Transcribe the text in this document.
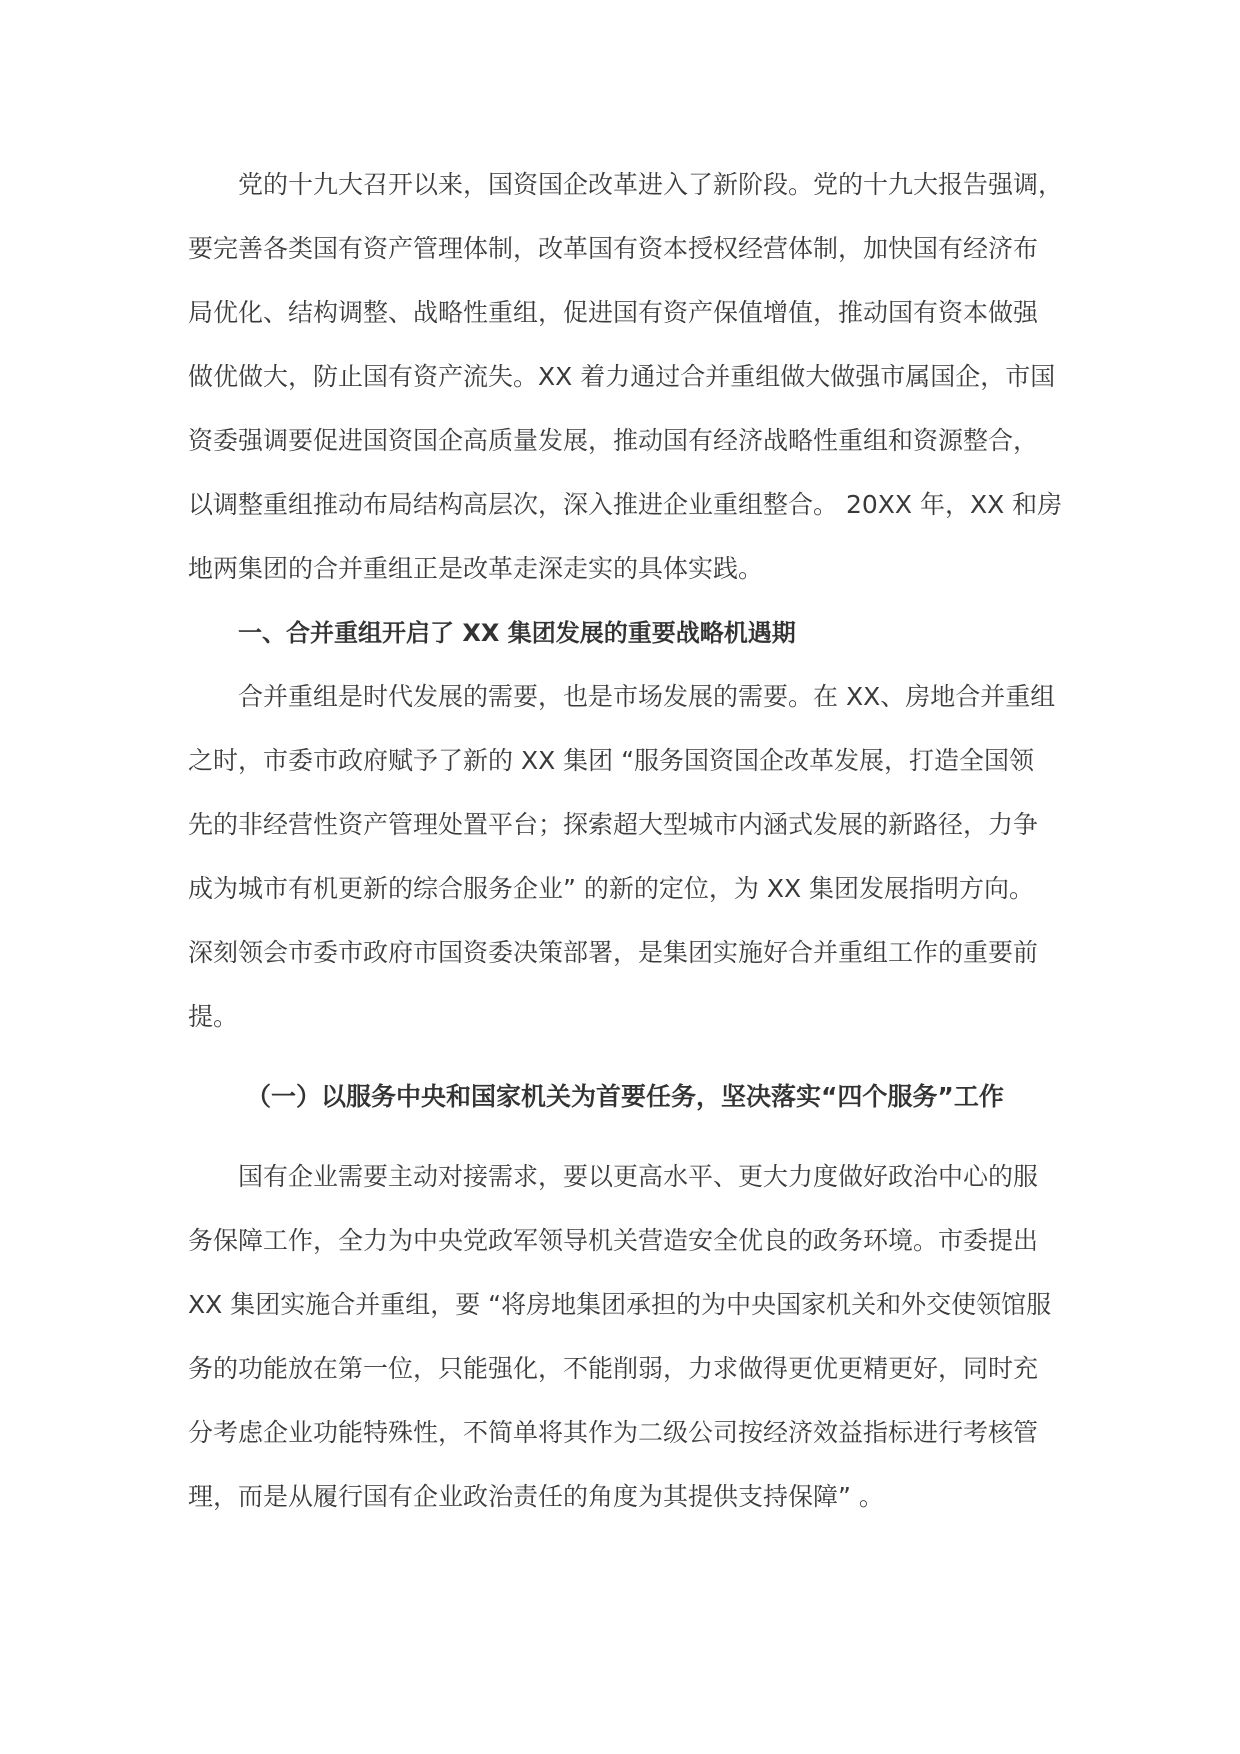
党的十九大召开以来，国资国企改革进入了新阶段。党的十九大报告强调，
要完善各类国有资产管理体制，改革国有资本授权经营体制，加快国有经济布
局优化、结构调整、战略性重组，促进国有资产保值增值，推动国有资本做强
做优做大，防止国有资产流失。XX 着力通过合并重组做大做强市属国企，市国
资委强调要促进国资国企高质量发展，推动国有经济战略性重组和资源整合，
以调整重组推动布局结构高层次，深入推进企业重组整合。 20XX 年，XX 和房
地两集团的合并重组正是改革走深走实的具体实践。
一、合并重组开启了 XX 集团发展的重要战略机遇期
合并重组是时代发展的需要，也是市场发展的需要。在 XX、房地合并重组
之时，市委市政府赋予了新的 XX 集团 “服务国资国企改革发展，打造全国领
先的非经营性资产管理处置平台；探索超大型城市内涵式发展的新路径，力争
成为城市有机更新的综合服务企业” 的新的定位，为 XX 集团发展指明方向。
深刻领会市委市政府市国资委决策部署，是集团实施好合并重组工作的重要前
提。
（一）以服务中央和国家机关为首要任务，坚决落实“四个服务”工作
国有企业需要主动对接需求，要以更高水平、更大力度做好政治中心的服
务保障工作，全力为中央党政军领导机关营造安全优良的政务环境。市委提出
XX 集团实施合并重组，要 “将房地集团承担的为中央国家机关和外交使领馆服
务的功能放在第一位，只能强化，不能削弱，力求做得更优更精更好，同时充
分考虑企业功能特殊性，不简单将其作为二级公司按经济效益指标进行考核管
理，而是从履行国有企业政治责任的角度为其提供支持保障” 。
